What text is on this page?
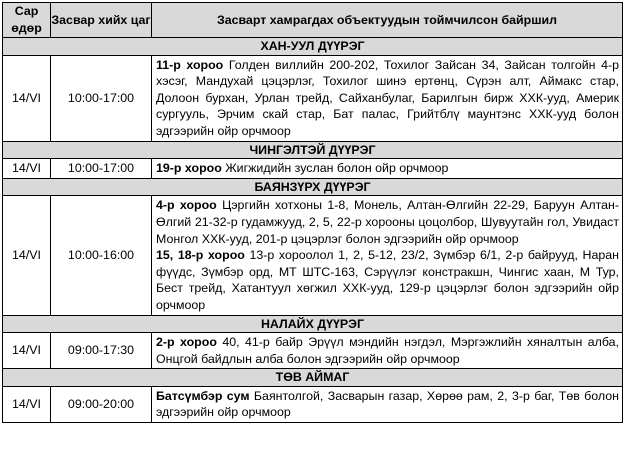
Сар өдөр	Засвар хийх цаг	Засварт хамрагдах объектуудын тоймчилсон байршил
ХАН-УУЛ ДҮҮРЭГ		
14/VI	10:00-17:00	11-р хороо Голден виллийн 200-202, Тохилог Зайсан 34, Зайсан толгойн 4-р хэсэг, Мандухай цэцэрлэг, Тохилог шинэ ертөнц, Сүрэн алт, Аймакс стар, Долоон бурхан, Урлан трейд, Сайханбулаг, Барилгын бирж ХХК-ууд, Америк сургууль, Эрчим скай стар, Бат палас, Грийтблү маунтэнс ХХК-ууд болон эдгээрийн ойр орчмоор
ЧИНГЭЛТЭЙ ДҮҮРЭГ		
14/VI	10:00-17:00	19-р хороо Жигжидийн зуслан болон ойр орчмоор
БАЯНЗҮРХ ДҮҮРЭГ		
14/VI	10:00-16:00	4-р хороо Цэргийн хотхоны 1-8, Монель, Алтан-Өлгийн 22-29, Баруун Алтан-Өлгий 21-32-р гудамжууд, 2, 5, 22-р хорооны цоцолбор, Шувуутайн гол, Увидаст Монгол ХХК-ууд, 201-р цэцэрлэг болон эдгээрийн ойр орчмоор
15, 18-р хороо 13-р хороолол 1, 2, 5-12, 23/2, Зүмбэр 6/1, 2-р байрууд, Наран фүүдс, Зүмбэр орд, МТ ШТС-163, Сэрүүлэг констракшн, Чингис хаан, М Тур, Бест трейд, Хатантуул хөгжил ХХК-ууд, 129-р цэцэрлэг болон эдгээрийн ойр орчмоор
НАЛАЙХ ДҮҮРЭГ		
14/VI	09:00-17:30	2-р хороо 40, 41-р байр Эрүүл мэндийн нэгдэл, Мэргэжлийн хяналтын алба, Онцгой байдлын алба болон эдгээрийн ойр орчмоор
ТӨВ АЙМАГ		
14/VI	09:00-20:00	Батсүмбэр сум Баянтолгой, Засварын газар, Хөрөө рам, 2, 3-р баг, Төв болон эдгээрийн ойр орчмоор
